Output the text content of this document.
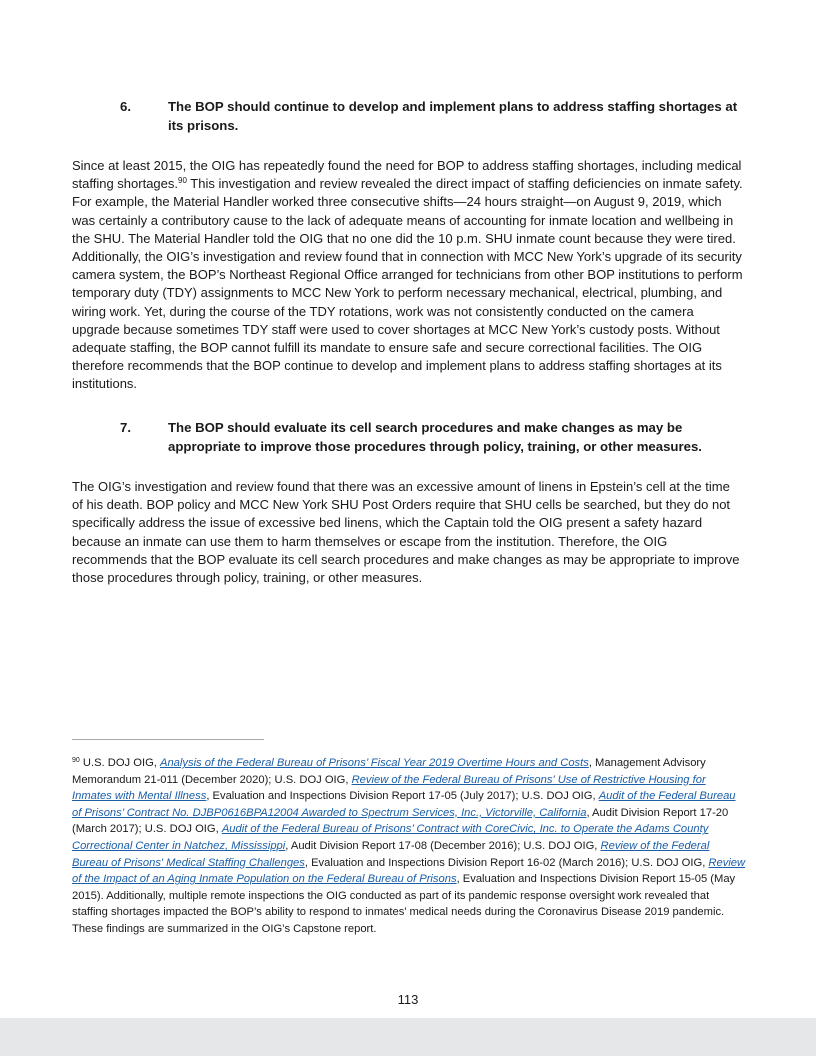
6.	The BOP should continue to develop and implement plans to address staffing shortages at its prisons.

Since at least 2015, the OIG has repeatedly found the need for BOP to address staffing shortages, including medical staffing shortages.$^{90}$ This investigation and review revealed the direct impact of staffing deficiencies on inmate safety. For example, the Material Handler worked three consecutive shifts—24 hours straight—on August 9, 2019, which was certainly a contributory cause to the lack of adequate means of accounting for inmate location and wellbeing in the SHU. The Material Handler told the OIG that no one did the 10 p.m. SHU inmate count because they were tired. Additionally, the OIG’s investigation and review found that in connection with MCC New York’s upgrade of its security camera system, the BOP’s Northeast Regional Office arranged for technicians from other BOP institutions to perform temporary duty (TDY) assignments to MCC New York to perform necessary mechanical, electrical, plumbing, and wiring work. Yet, during the course of the TDY rotations, work was not consistently conducted on the camera upgrade because sometimes TDY staff were used to cover shortages at MCC New York’s custody posts. Without adequate staffing, the BOP cannot fulfill its mandate to ensure safe and secure correctional facilities. The OIG therefore recommends that the BOP continue to develop and implement plans to address staffing shortages at its institutions.

7.	The BOP should evaluate its cell search procedures and make changes as may be appropriate to improve those procedures through policy, training, or other measures.

The OIG’s investigation and review found that there was an excessive amount of linens in Epstein’s cell at the time of his death. BOP policy and MCC New York SHU Post Orders require that SHU cells be searched, but they do not specifically address the issue of excessive bed linens, which the Captain told the OIG present a safety hazard because an inmate can use them to harm themselves or escape from the institution. Therefore, the OIG recommends that the BOP evaluate its cell search procedures and make changes as may be appropriate to improve those procedures through policy, training, or other measures.

$^{90}$ U.S. DOJ OIG, Analysis of the Federal Bureau of Prisons’ Fiscal Year 2019 Overtime Hours and Costs, Management Advisory Memorandum 21-011 (December 2020); U.S. DOJ OIG, Review of the Federal Bureau of Prisons' Use of Restrictive Housing for Inmates with Mental Illness, Evaluation and Inspections Division Report 17-05 (July 2017); U.S. DOJ OIG, Audit of the Federal Bureau of Prisons’ Contract No. DJBP0616BPA12004 Awarded to Spectrum Services, Inc., Victorville, California, Audit Division Report 17-20 (March 2017); U.S. DOJ OIG, Audit of the Federal Bureau of Prisons’ Contract with CoreCivic, Inc. to Operate the Adams County Correctional Center in Natchez, Mississippi, Audit Division Report 17-08 (December 2016); U.S. DOJ OIG, Review of the Federal Bureau of Prisons' Medical Staffing Challenges, Evaluation and Inspections Division Report 16-02 (March 2016); U.S. DOJ OIG, Review of the Impact of an Aging Inmate Population on the Federal Bureau of Prisons, Evaluation and Inspections Division Report 15-05 (May 2015). Additionally, multiple remote inspections the OIG conducted as part of its pandemic response oversight work revealed that staffing shortages impacted the BOP’s ability to respond to inmates’ medical needs during the Coronavirus Disease 2019 pandemic. These findings are summarized in the OIG’s Capstone report.

113
